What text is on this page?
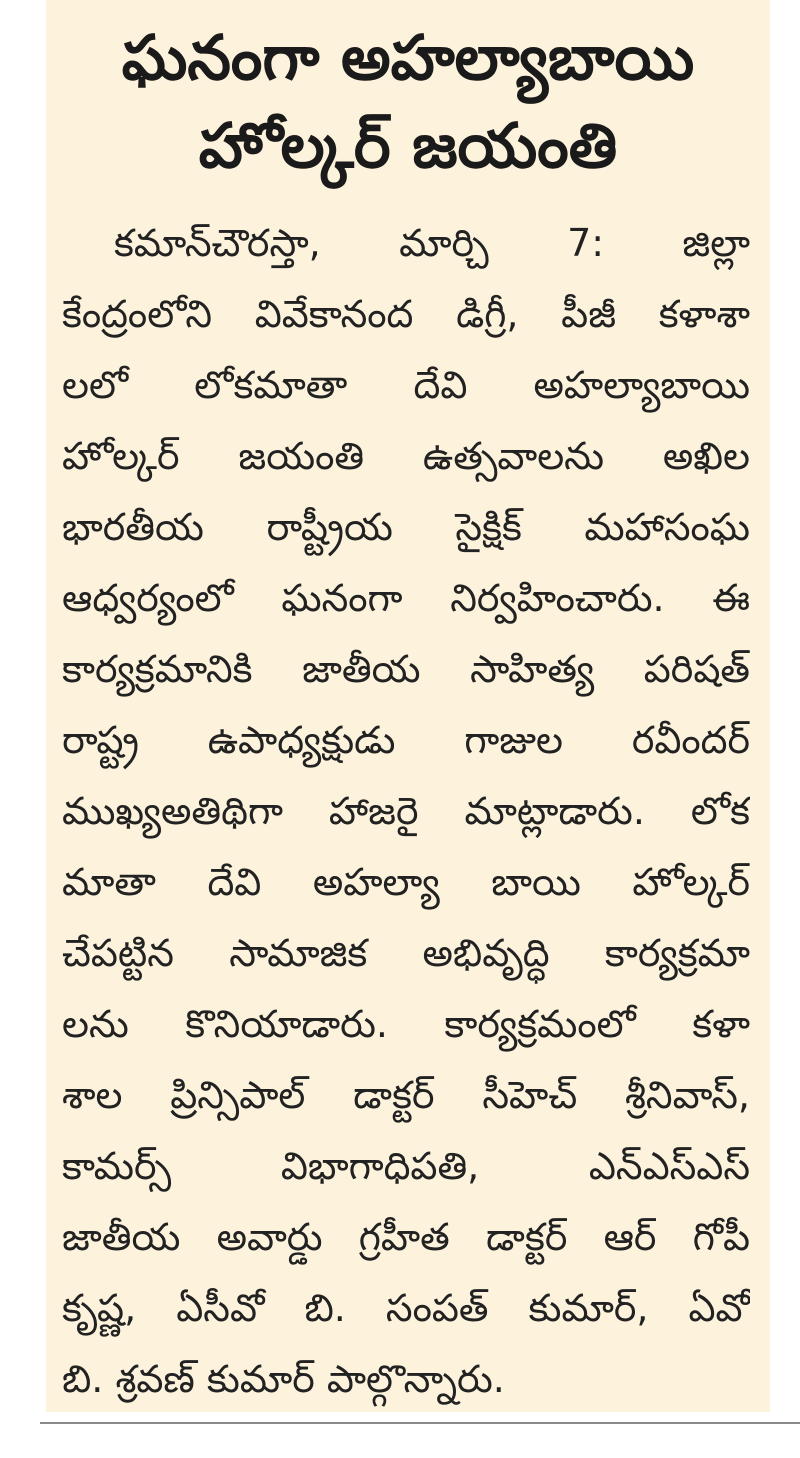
ఘనంగా అహల్యాబాయి
హోల్కర్ జయంతి
కమాన్‌చౌరస్తా, మార్చి 7: జిల్లా
కేంద్రంలోని వివేకానంద డిగ్రీ, పీజీ కళాశా
లలో లోకమాతా దేవి అహల్యాబాయి
హోల్కర్ జయంతి ఉత్సవాలను అఖిల
భారతీయ రాష్ట్రీయ సైక్షిక్ మహాసంఘ
ఆధ్వర్యంలో ఘనంగా నిర్వహించారు. ఈ
కార్యక్రమానికి జాతీయ సాహిత్య పరిషత్
రాష్ట్ర ఉపాధ్యక్షుడు గాజుల రవీందర్
ముఖ్యఅతిథిగా హాజరై మాట్లాడారు. లోక
మాతా దేవి అహల్యా బాయి హోల్కర్
చేపట్టిన సామాజిక అభివృద్ధి కార్యక్రమా
లను కొనియాడారు. కార్యక్రమంలో కళా
శాల ప్రిన్సిపాల్ డాక్టర్ సీహెచ్ శ్రీనివాస్,
కామర్స్ విభాగాధిపతి, ఎన్ఎస్ఎస్
జాతీయ అవార్డు గ్రహీత డాక్టర్ ఆర్ గోపీ
కృష్ణ, ఏసీవో బి. సంపత్ కుమార్, ఏవో
బి. శ్రవణ్ కుమార్ పాల్గొన్నారు.
